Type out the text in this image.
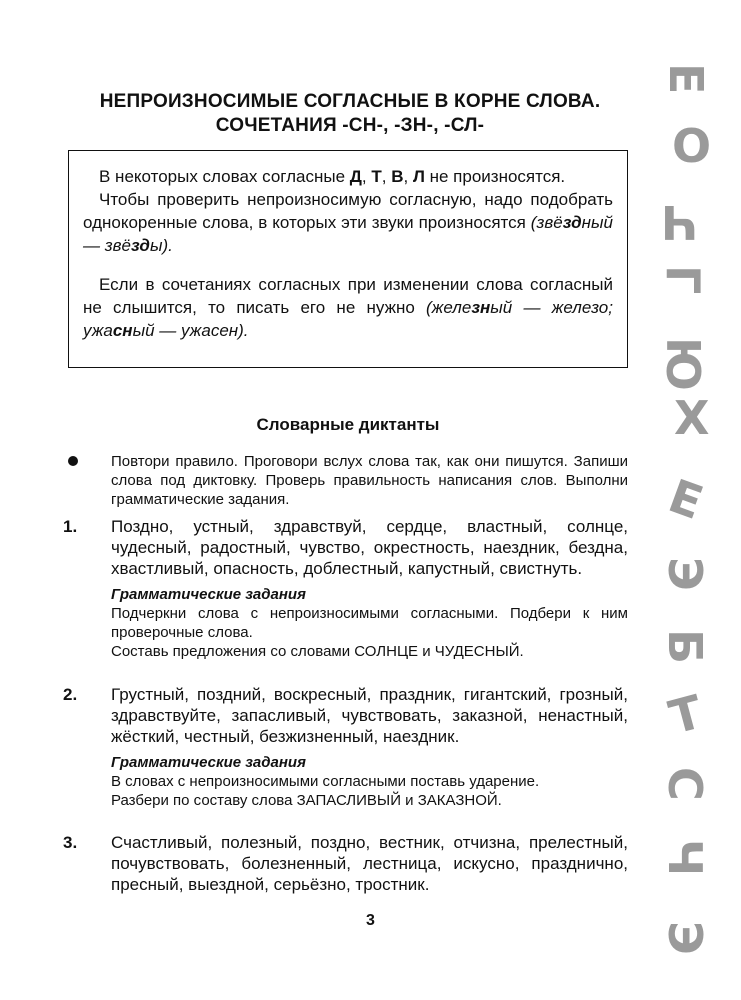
НЕПРОИЗНОСИМЫЕ СОГЛАСНЫЕ В КОРНЕ СЛОВА.
СОЧЕТАНИЯ -СН-, -ЗН-, -СЛ-

В некоторых словах согласные Д, Т, В, Л не произносятся.

Чтобы проверить непроизносимую согласную, надо подобрать однокоренные слова, в которых эти звуки произносятся (звёздный — звёзды).

Если в сочетаниях согласных при изменении слова согласный не слышится, то писать его не нужно (железный — железо; ужасный — ужасен).

Словарные диктанты
Повтори правило. Проговори вслух слова так, как они пишутся. Запиши слова под диктовку. Проверь правильность написания слов. Выполни грамматические задания.
1. Поздно, устный, здравствуй, сердце, властный, солнце, чудесный, радостный, чувство, окрестность, наездник, бездна, хвастливый, опасность, доблестный, капустный, свистнуть.
Грамматические задания
Подчеркни слова с непроизносимыми согласными. Подбери к ним проверочные слова.
Составь предложения со словами СОЛНЦЕ и ЧУДЕСНЫЙ.
2. Грустный, поздний, воскресный, праздник, гигантский, грозный, здравствуйте, запасливый, чувствовать, заказной, ненастный, жёсткий, честный, безжизненный, наездник.
Грамматические задания
В словах с непроизносимыми согласными поставь ударение.
Разбери по составу слова ЗАПАСЛИВЫЙ и ЗАКАЗНОЙ.
3. Счастливый, полезный, поздно, вестник, отчизна, прелестный, почувствовать, болезненный, лестница, искусно, празднично, пресный, выездной, серьёзно, тростник.
3
Е
О
Ч
Г
Ю
Х
Е
Э
Б
Т
С
Ч
Э
